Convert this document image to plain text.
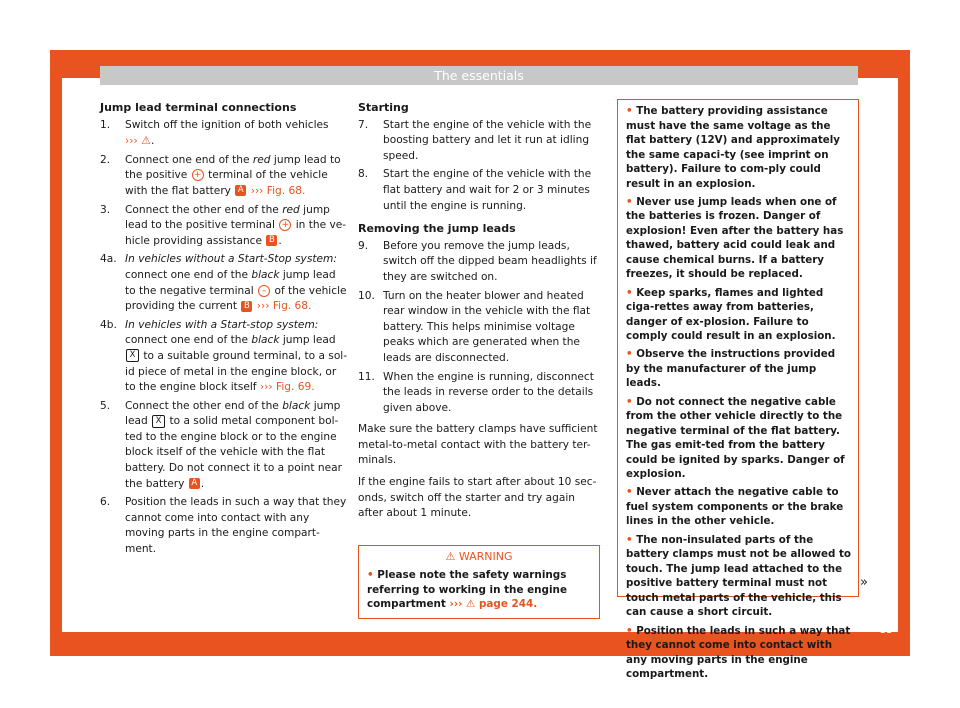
The essentials
Jump lead terminal connections
1.	Switch off the ignition of both vehicles
››› ⚠.
2.	Connect one end of the red jump lead to the positive + terminal of the vehicle with the flat battery A ››› Fig. 68.
3.	Connect the other end of the red jump lead to the positive terminal + in the ve-hicle providing assistance B .
4a. In vehicles without a Start-Stop system: connect one end of the black jump lead to the negative terminal – of the vehicle providing the current B ››› Fig. 68.
4b. In vehicles with a Start-stop system: connect one end of the black jump lead X to a suitable ground terminal, to a sol-id piece of metal in the engine block, or to the engine block itself ››› Fig. 69.
5.	Connect the other end of the black jump lead X to a solid metal component bol-ted to the engine block or to the engine block itself of the vehicle with the flat battery. Do not connect it to a point near the battery A .
6.	Position the leads in such a way that they cannot come into contact with any moving parts in the engine compart-ment.
Starting
7.	Start the engine of the vehicle with the boosting battery and let it run at idling speed.
8.	Start the engine of the vehicle with the flat battery and wait for 2 or 3 minutes until the engine is running.
Removing the jump leads
9.	Before you remove the jump leads, switch off the dipped beam headlights if they are switched on.
10. Turn on the heater blower and heated rear window in the vehicle with the flat battery. This helps minimise voltage peaks which are generated when the leads are disconnected.
11. When the engine is running, disconnect the leads in reverse order to the details given above.
Make sure the battery clamps have sufficient metal-to-metal contact with the battery ter-minals.
If the engine fails to start after about 10 sec-onds, switch off the starter and try again after about 1 minute.
⚠ WARNING
• Please note the safety warnings referring to working in the engine compartment ››› ⚠ page 244.
• The battery providing assistance must have the same voltage as the flat battery (12V) and approximately the same capaci-ty (see imprint on battery). Failure to com-ply could result in an explosion.
• Never use jump leads when one of the batteries is frozen. Danger of explosion! Even after the battery has thawed, battery acid could leak and cause chemical burns. If a battery freezes, it should be replaced.
• Keep sparks, flames and lighted ciga-rettes away from batteries, danger of ex-plosion. Failure to comply could result in an explosion.
• Observe the instructions provided by the manufacturer of the jump leads.
• Do not connect the negative cable from the other vehicle directly to the negative terminal of the flat battery. The gas emit-ted from the battery could be ignited by sparks. Danger of explosion.
• Never attach the negative cable to fuel system components or the brake lines in the other vehicle.
• The non-insulated parts of the battery clamps must not be allowed to touch. The jump lead attached to the positive battery terminal must not touch metal parts of the vehicle, this can cause a short circuit.
• Position the leads in such a way that they cannot come into contact with any moving parts in the engine compartment.
»
55
